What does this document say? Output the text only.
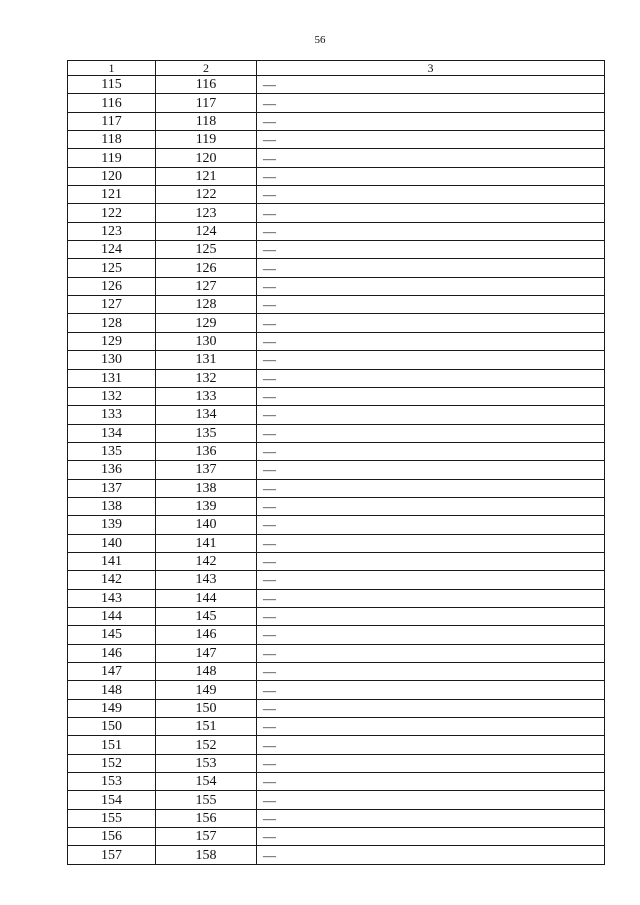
56
1	2	3
115	116	—
116	117	—
117	118	—
118	119	—
119	120	—
120	121	—
121	122	—
122	123	—
123	124	—
124	125	—
125	126	—
126	127	—
127	128	—
128	129	—
129	130	—
130	131	—
131	132	—
132	133	—
133	134	—
134	135	—
135	136	—
136	137	—
137	138	—
138	139	—
139	140	—
140	141	—
141	142	—
142	143	—
143	144	—
144	145	—
145	146	—
146	147	—
147	148	—
148	149	—
149	150	—
150	151	—
151	152	—
152	153	—
153	154	—
154	155	—
155	156	—
156	157	—
157	158	—
